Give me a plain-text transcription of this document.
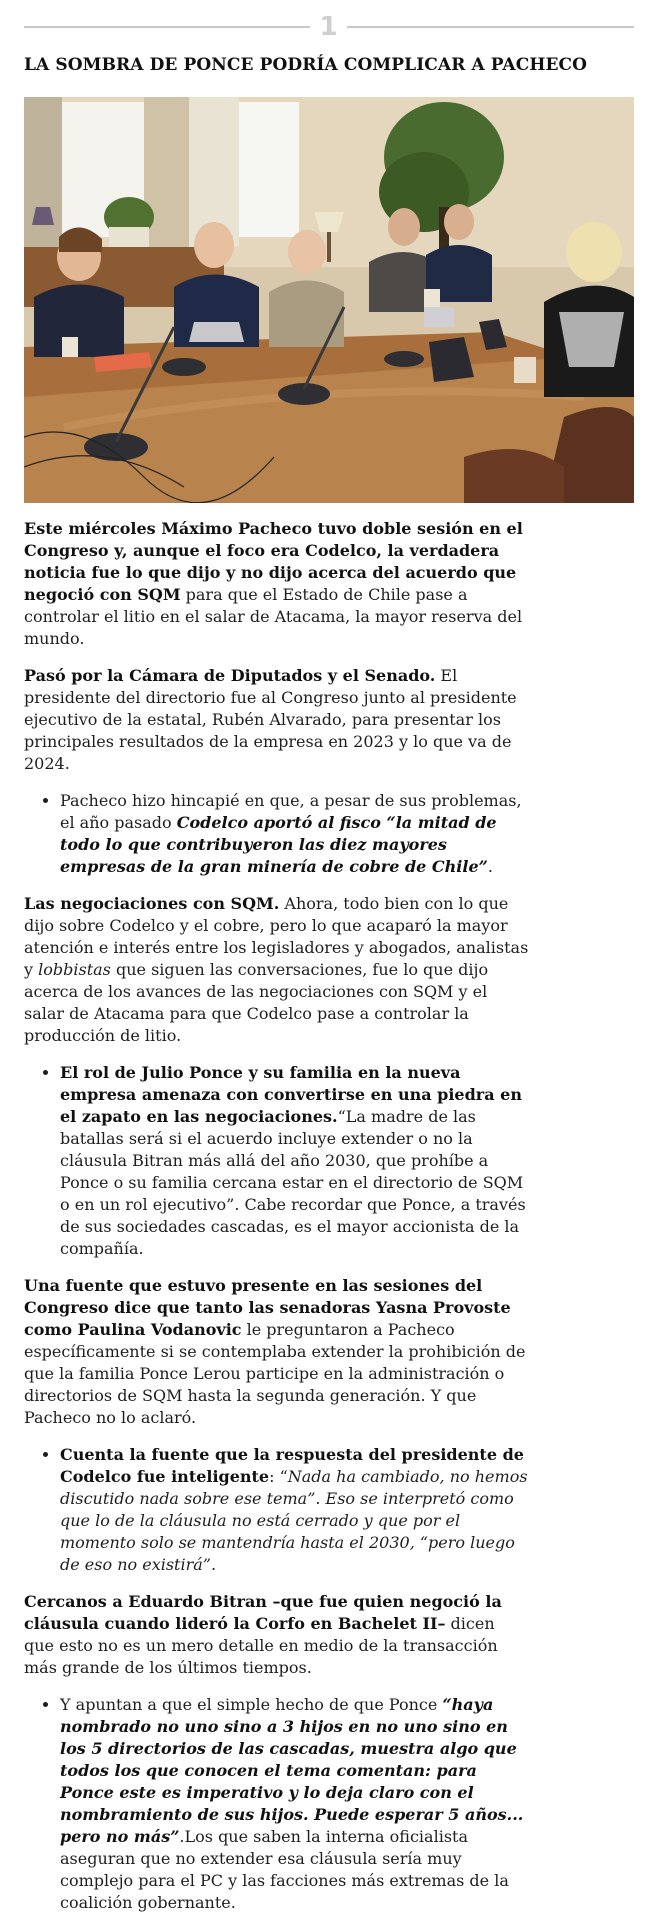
1
LA SOMBRA DE PONCE PODRÍA COMPLICAR A PACHECO

Este miércoles Máximo Pacheco tuvo doble sesión en el Congreso y, aunque el foco era Codelco, la verdadera noticia fue lo que dijo y no dijo acerca del acuerdo que negoció con SQM para que el Estado de Chile pase a controlar el litio en el salar de Atacama, la mayor reserva del mundo.

Pasó por la Cámara de Diputados y el Senado. El presidente del directorio fue al Congreso junto al presidente ejecutivo de la estatal, Rubén Alvarado, para presentar los principales resultados de la empresa en 2023 y lo que va de 2024.

• Pacheco hizo hincapié en que, a pesar de sus problemas, el año pasado Codelco aportó al fisco “la mitad de todo lo que contribuyeron las diez mayores empresas de la gran minería de cobre de Chile”.

Las negociaciones con SQM. Ahora, todo bien con lo que dijo sobre Codelco y el cobre, pero lo que acaparó la mayor atención e interés entre los legisladores y abogados, analistas y lobbistas que siguen las conversaciones, fue lo que dijo acerca de los avances de las negociaciones con SQM y el salar de Atacama para que Codelco pase a controlar la producción de litio.

• El rol de Julio Ponce y su familia en la nueva empresa amenaza con convertirse en una piedra en el zapato en las negociaciones.“La madre de las batallas será si el acuerdo incluye extender o no la cláusula Bitran más allá del año 2030, que prohíbe a Ponce o su familia cercana estar en el directorio de SQM o en un rol ejecutivo”. Cabe recordar que Ponce, a través de sus sociedades cascadas, es el mayor accionista de la compañía.

Una fuente que estuvo presente en las sesiones del Congreso dice que tanto las senadoras Yasna Provoste como Paulina Vodanovic le preguntaron a Pacheco específicamente si se contemplaba extender la prohibición de que la familia Ponce Lerou participe en la administración o directorios de SQM hasta la segunda generación. Y que Pacheco no lo aclaró.

• Cuenta la fuente que la respuesta del presidente de Codelco fue inteligente: “Nada ha cambiado, no hemos discutido nada sobre ese tema”. Eso se interpretó como que lo de la cláusula no está cerrado y que por el momento solo se mantendría hasta el 2030, “pero luego de eso no existirá”.

Cercanos a Eduardo Bitran –que fue quien negoció la cláusula cuando lideró la Corfo en Bachelet II– dicen que esto no es un mero detalle en medio de la transacción más grande de los últimos tiempos.

• Y apuntan a que el simple hecho de que Ponce “haya nombrado no uno sino a 3 hijos en no uno sino en los 5 directorios de las cascadas, muestra algo que todos los que conocen el tema comentan: para Ponce este es imperativo y lo deja claro con el nombramiento de sus hijos. Puede esperar 5 años... pero no más”.Los que saben la interna oficialista aseguran que no extender esa cláusula sería muy complejo para el PC y las facciones más extremas de la coalición gobernante.
